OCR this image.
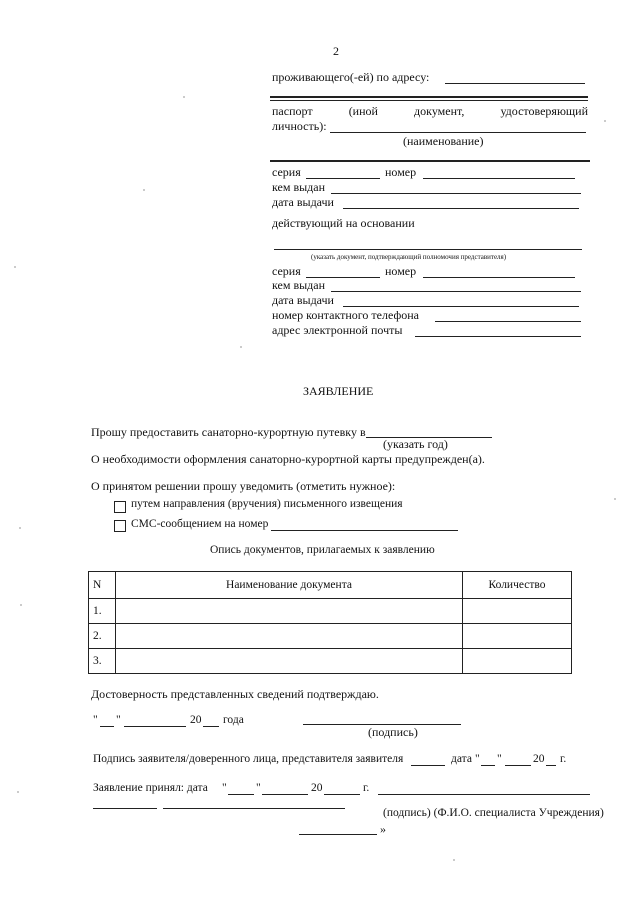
2
проживающего(-ей) по адресу:
паспорт	(иной	документ,	удостоверяющий
личность):
(наименование)
серия	номер
кем выдан
дата выдачи
действующий на основании
(указать документ, подтверждающий полномочия представителя)
серия	номер
кем выдан
дата выдачи
номер контактного телефона
адрес электронной почты
ЗАЯВЛЕНИЕ
Прошу предоставить санаторно-курортную путевку в
(указать год)
О необходимости оформления санаторно-курортной карты предупрежден(а).
О принятом решении прошу уведомить (отметить нужное):
путем направления (вручения) письменного извещения
СМС-сообщением на номер
Опись документов, прилагаемых к заявлению
N	Наименование документа	Количество
1.		
2.		
3.		
Достоверность представленных сведений подтверждаю.
" "	20 года
(подпись)
Подпись заявителя/доверенного лица, представителя заявителя	дата " "	20 г.
Заявление принял: дата "	"	20	г.
(подпись) (Ф.И.О. специалиста Учреждения)
»
